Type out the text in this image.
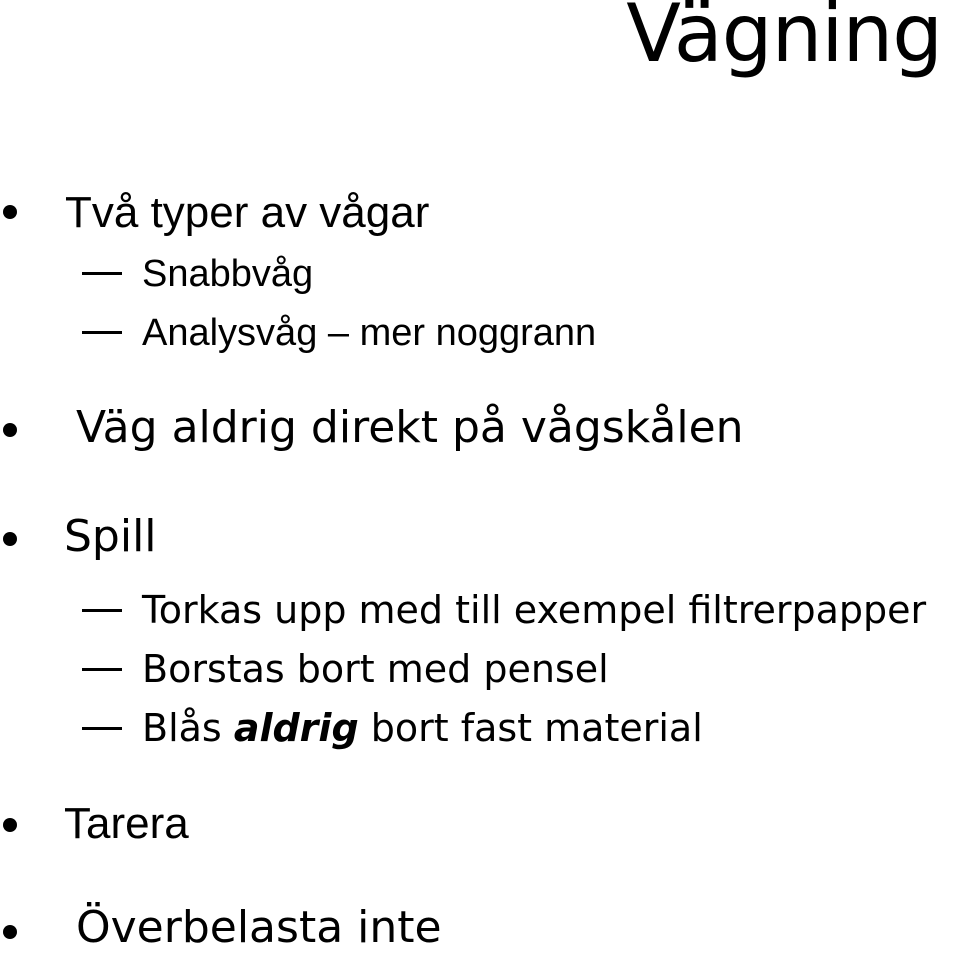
Vägning
Två typer av vågar
Snabbvåg
Analysvåg – mer noggrann
Väg aldrig direkt på vågskålen
Spill
Torkas upp med till exempel filtrerpapper
Borstas bort med pensel
Blås aldrig bort fast material
Tarera
Överbelasta inte
